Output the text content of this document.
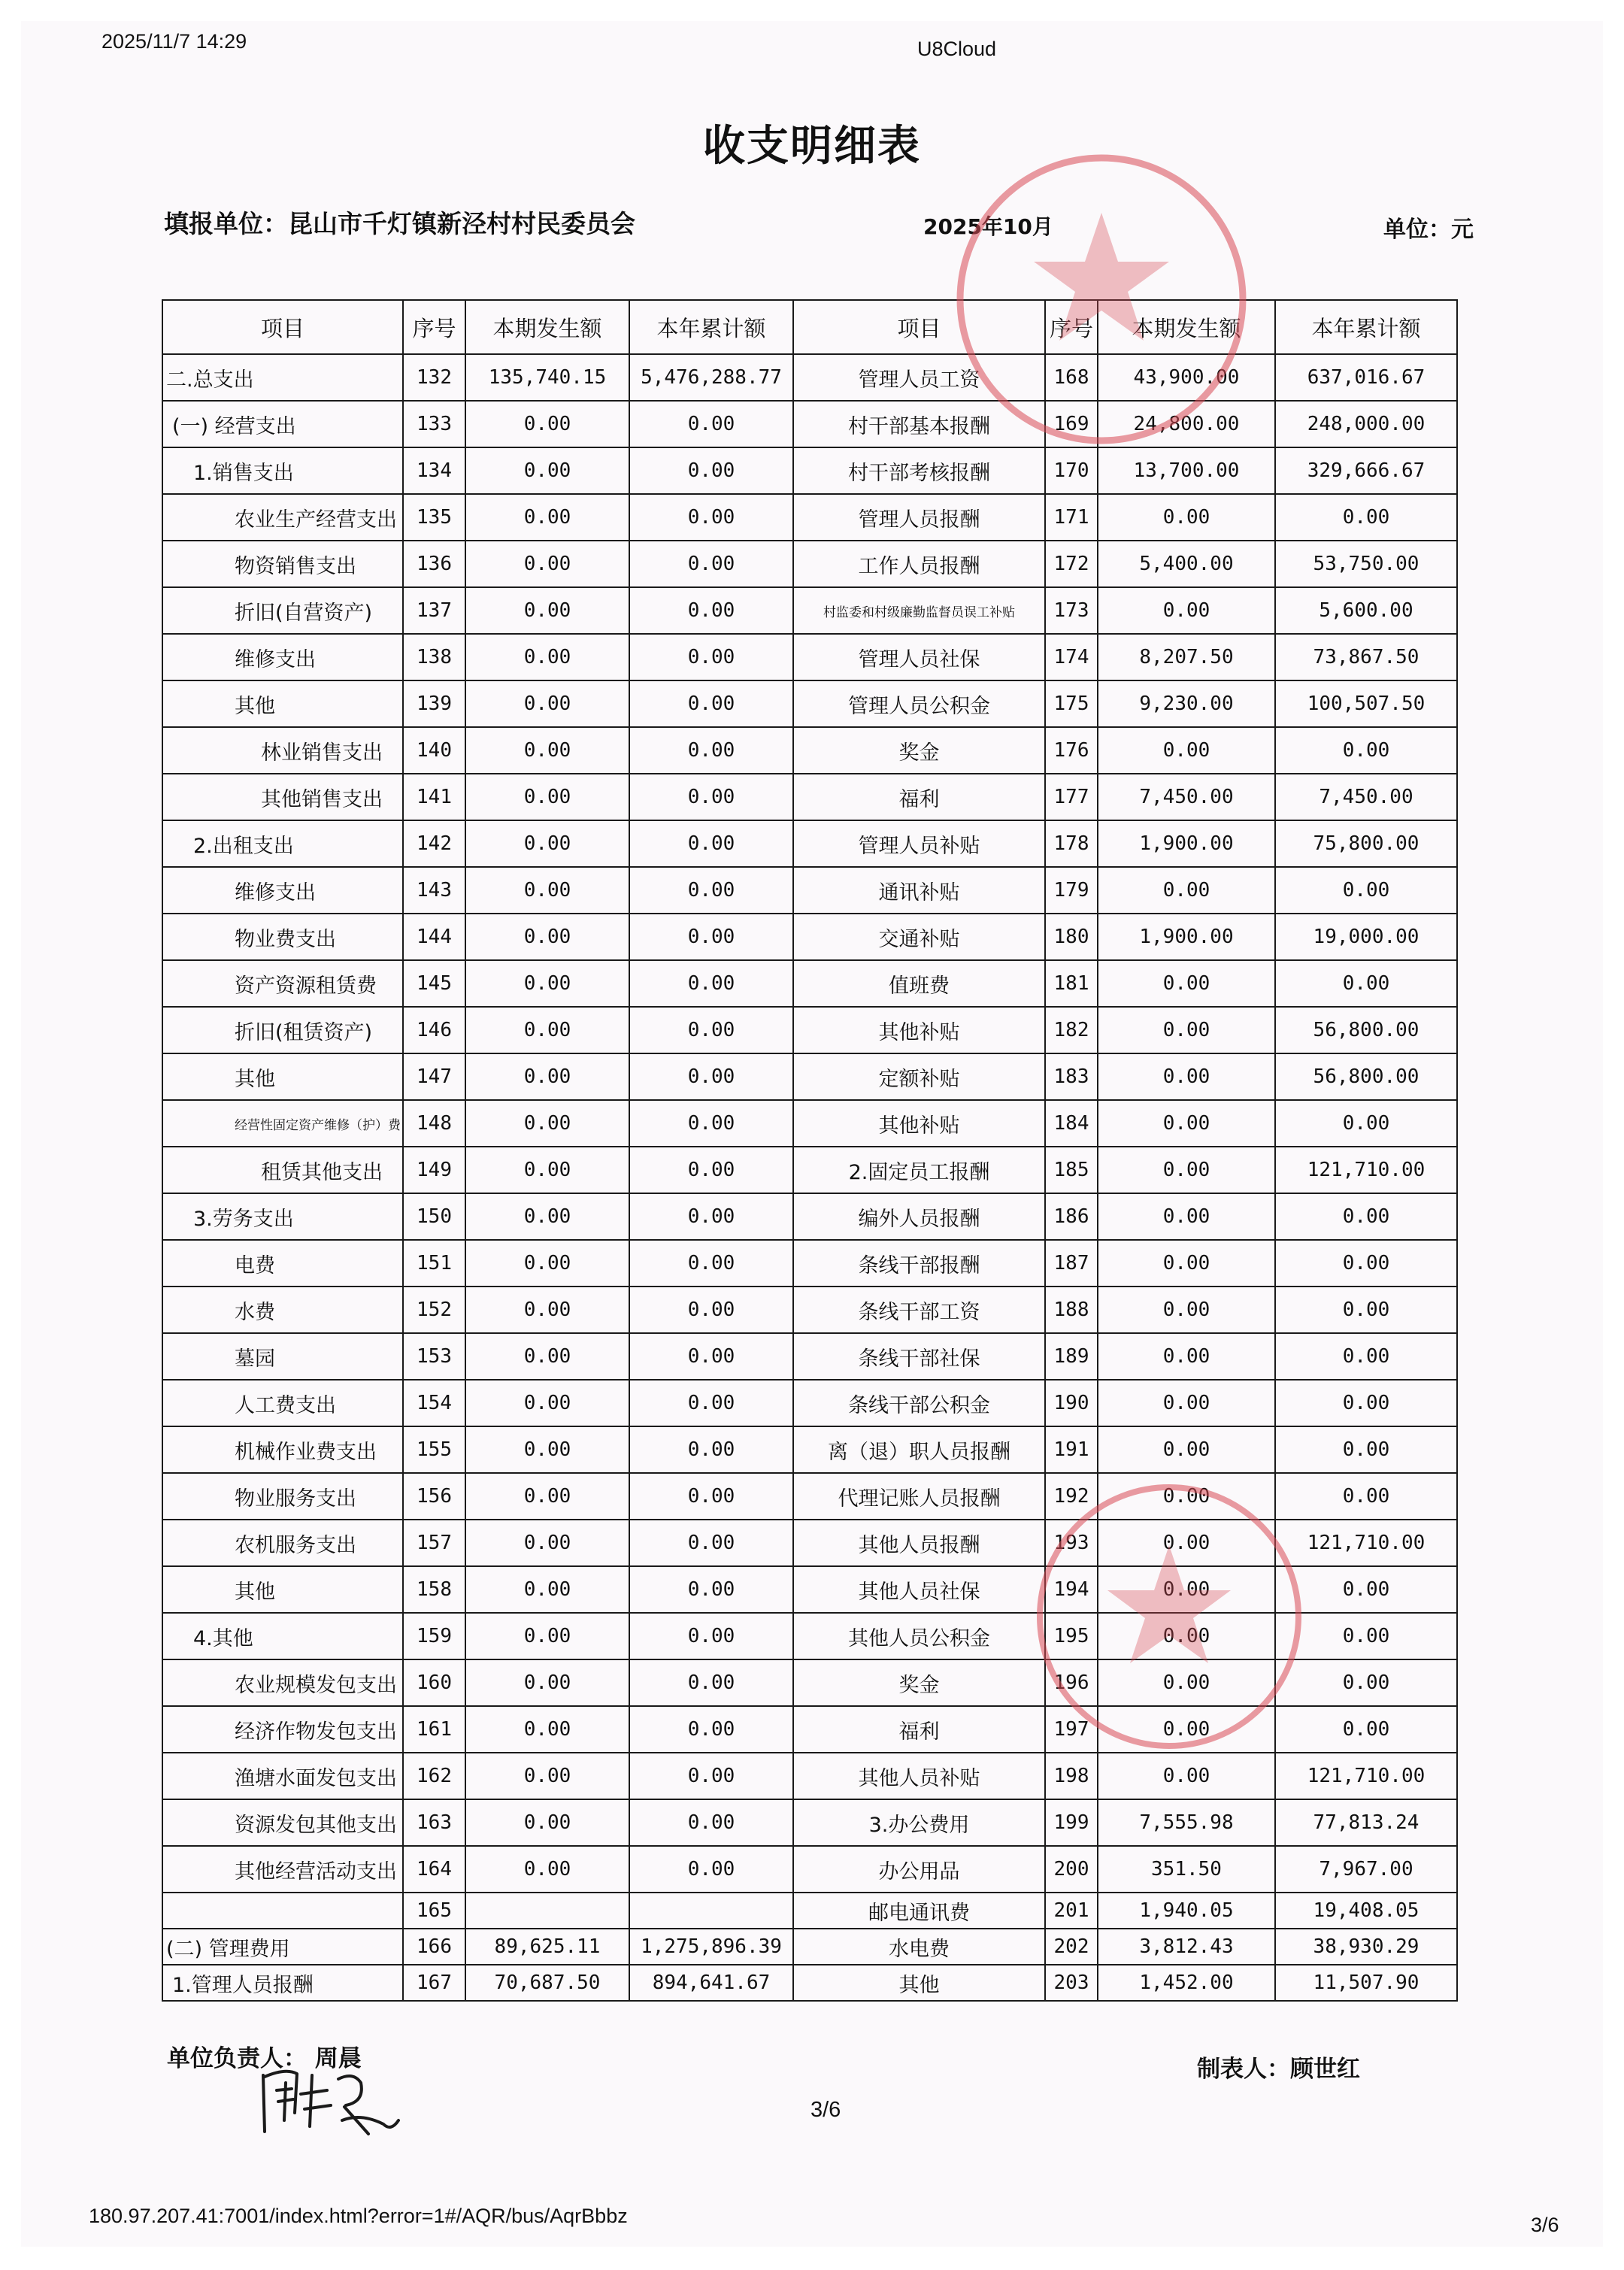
2025/11/7 14:29	U8Cloud
收支明细表
填报单位：昆山市千灯镇新泾村村民委员会	2025年10月	单位：元
项目	序号	本期发生额	本年累计额	项目	序号	本期发生额	本年累计额
二.总支出	132	135,740.15	5,476,288.77	管理人员工资	168	43,900.00	637,016.67
(一) 经营支出	133	0.00	0.00	村干部基本报酬	169	24,800.00	248,000.00
1.销售支出	134	0.00	0.00	村干部考核报酬	170	13,700.00	329,666.67
农业生产经营支出	135	0.00	0.00	管理人员报酬	171	0.00	0.00
物资销售支出	136	0.00	0.00	工作人员报酬	172	5,400.00	53,750.00
折旧(自营资产)	137	0.00	0.00	村监委和村级廉勤监督员误工补贴	173	0.00	5,600.00
维修支出	138	0.00	0.00	管理人员社保	174	8,207.50	73,867.50
其他	139	0.00	0.00	管理人员公积金	175	9,230.00	100,507.50
林业销售支出	140	0.00	0.00	奖金	176	0.00	0.00
其他销售支出	141	0.00	0.00	福利	177	7,450.00	7,450.00
2.出租支出	142	0.00	0.00	管理人员补贴	178	1,900.00	75,800.00
维修支出	143	0.00	0.00	通讯补贴	179	0.00	0.00
物业费支出	144	0.00	0.00	交通补贴	180	1,900.00	19,000.00
资产资源租赁费	145	0.00	0.00	值班费	181	0.00	0.00
折旧(租赁资产)	146	0.00	0.00	其他补贴	182	0.00	56,800.00
其他	147	0.00	0.00	定额补贴	183	0.00	56,800.00
经营性固定资产维修（护）费	148	0.00	0.00	其他补贴	184	0.00	0.00
租赁其他支出	149	0.00	0.00	2.固定员工报酬	185	0.00	121,710.00
3.劳务支出	150	0.00	0.00	编外人员报酬	186	0.00	0.00
电费	151	0.00	0.00	条线干部报酬	187	0.00	0.00
水费	152	0.00	0.00	条线干部工资	188	0.00	0.00
墓园	153	0.00	0.00	条线干部社保	189	0.00	0.00
人工费支出	154	0.00	0.00	条线干部公积金	190	0.00	0.00
机械作业费支出	155	0.00	0.00	离（退）职人员报酬	191	0.00	0.00
物业服务支出	156	0.00	0.00	代理记账人员报酬	192	0.00	0.00
农机服务支出	157	0.00	0.00	其他人员报酬	193	0.00	121,710.00
其他	158	0.00	0.00	其他人员社保	194	0.00	0.00
4.其他	159	0.00	0.00	其他人员公积金	195	0.00	0.00
农业规模发包支出	160	0.00	0.00	奖金	196	0.00	0.00
经济作物发包支出	161	0.00	0.00	福利	197	0.00	0.00
渔塘水面发包支出	162	0.00	0.00	其他人员补贴	198	0.00	121,710.00
资源发包其他支出	163	0.00	0.00	3.办公费用	199	7,555.98	77,813.24
其他经营活动支出	164	0.00	0.00	办公用品	200	351.50	7,967.00
	165			邮电通讯费	201	1,940.05	19,408.05
(二) 管理费用	166	89,625.11	1,275,896.39	水电费	202	3,812.43	38,930.29
1.管理人员报酬	167	70,687.50	894,641.67	其他	203	1,452.00	11,507.90
单位负责人： 周晨	制表人：顾世红
3/6
180.97.207.41:7001/index.html?error=1#/AQR/bus/AqrBbbz	3/6
